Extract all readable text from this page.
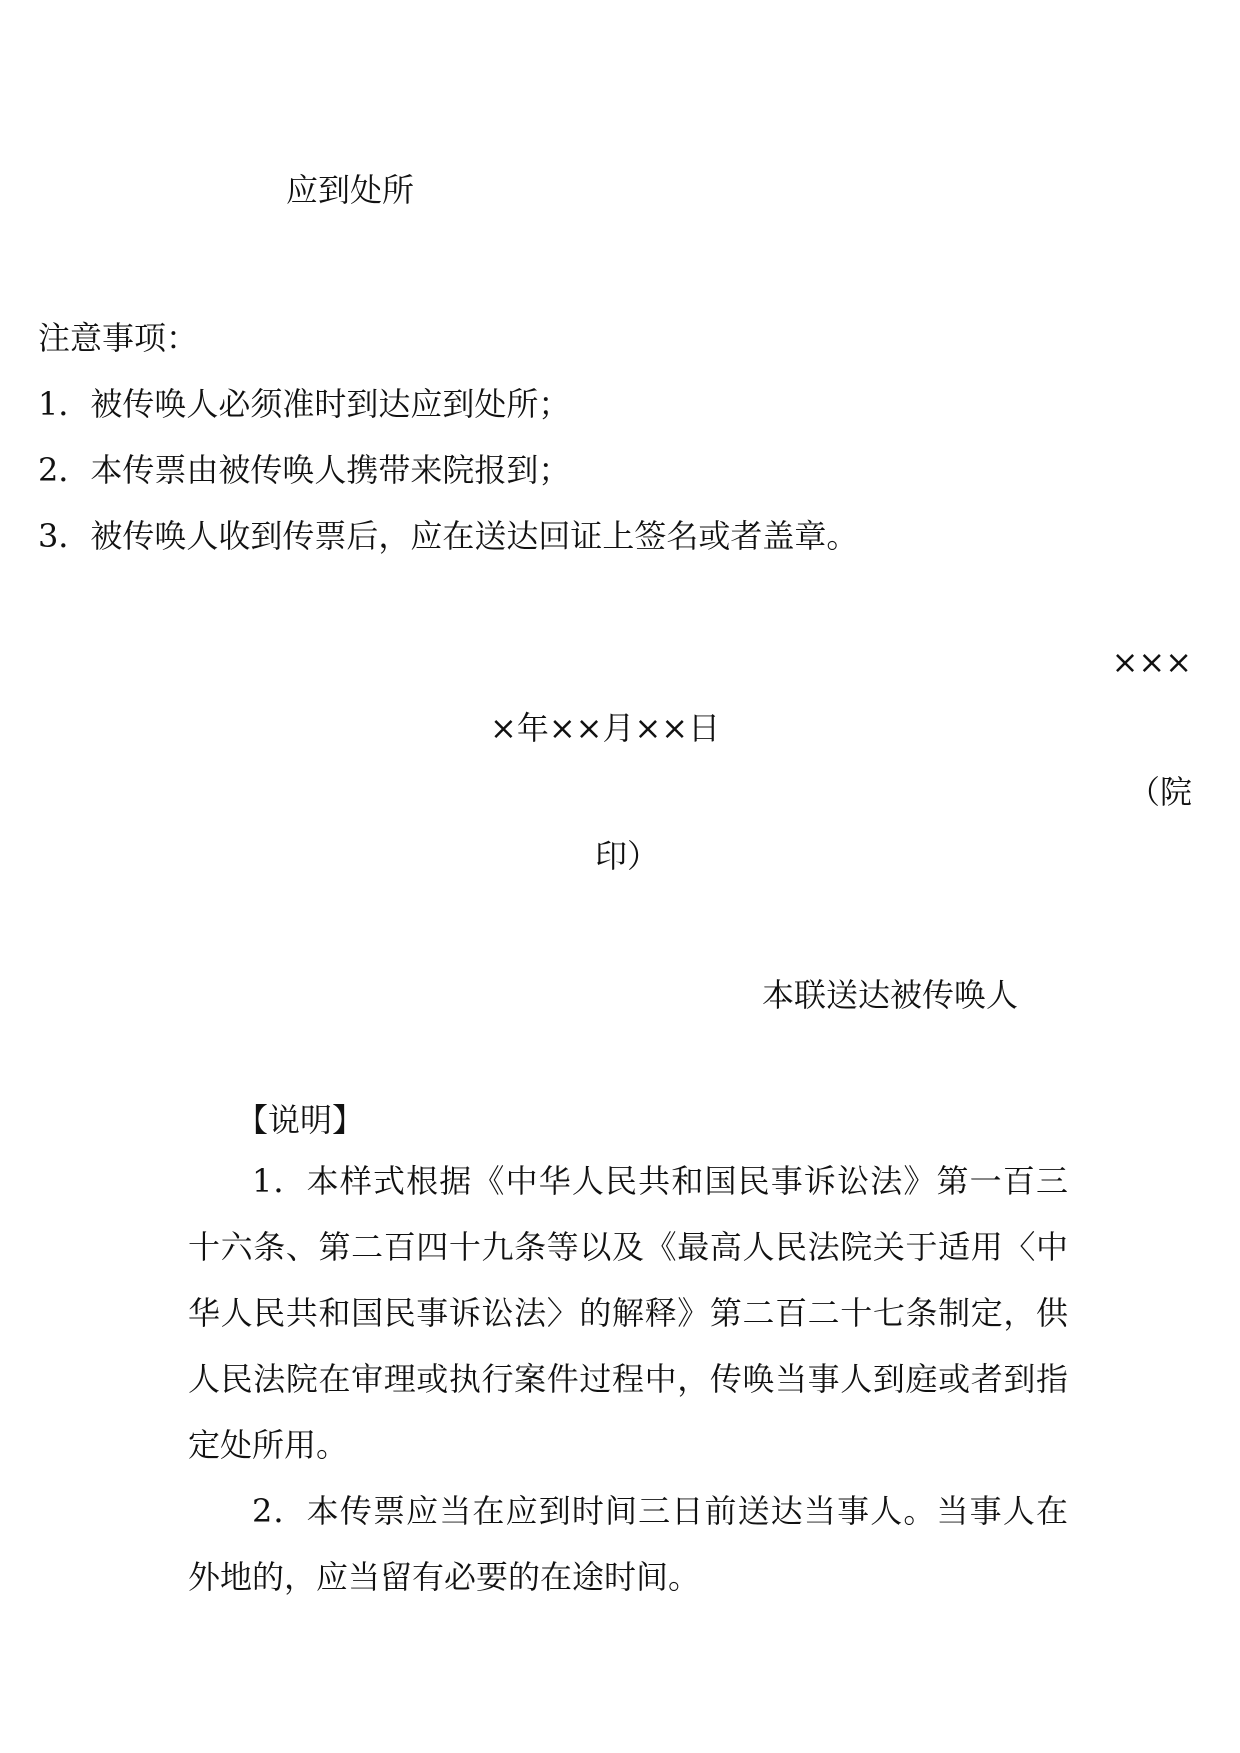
应到处所

注意事项：

1．被传唤人必须准时到达应到处所；

2．本传票由被传唤人携带来院报到；

3．被传唤人收到传票后，应在送达回证上签名或者盖章。

×××

×年××月××日

（院

印）

本联送达被传唤人

【说明】

1．本样式根据《中华人民共和国民事诉讼法》第一百三十六条、第二百四十九条等以及《最高人民法院关于适用〈中华人民共和国民事诉讼法〉的解释》第二百二十七条制定，供人民法院在审理或执行案件过程中，传唤当事人到庭或者到指定处所用。

2．本传票应当在应到时间三日前送达当事人。当事人在外地的，应当留有必要的在途时间。
